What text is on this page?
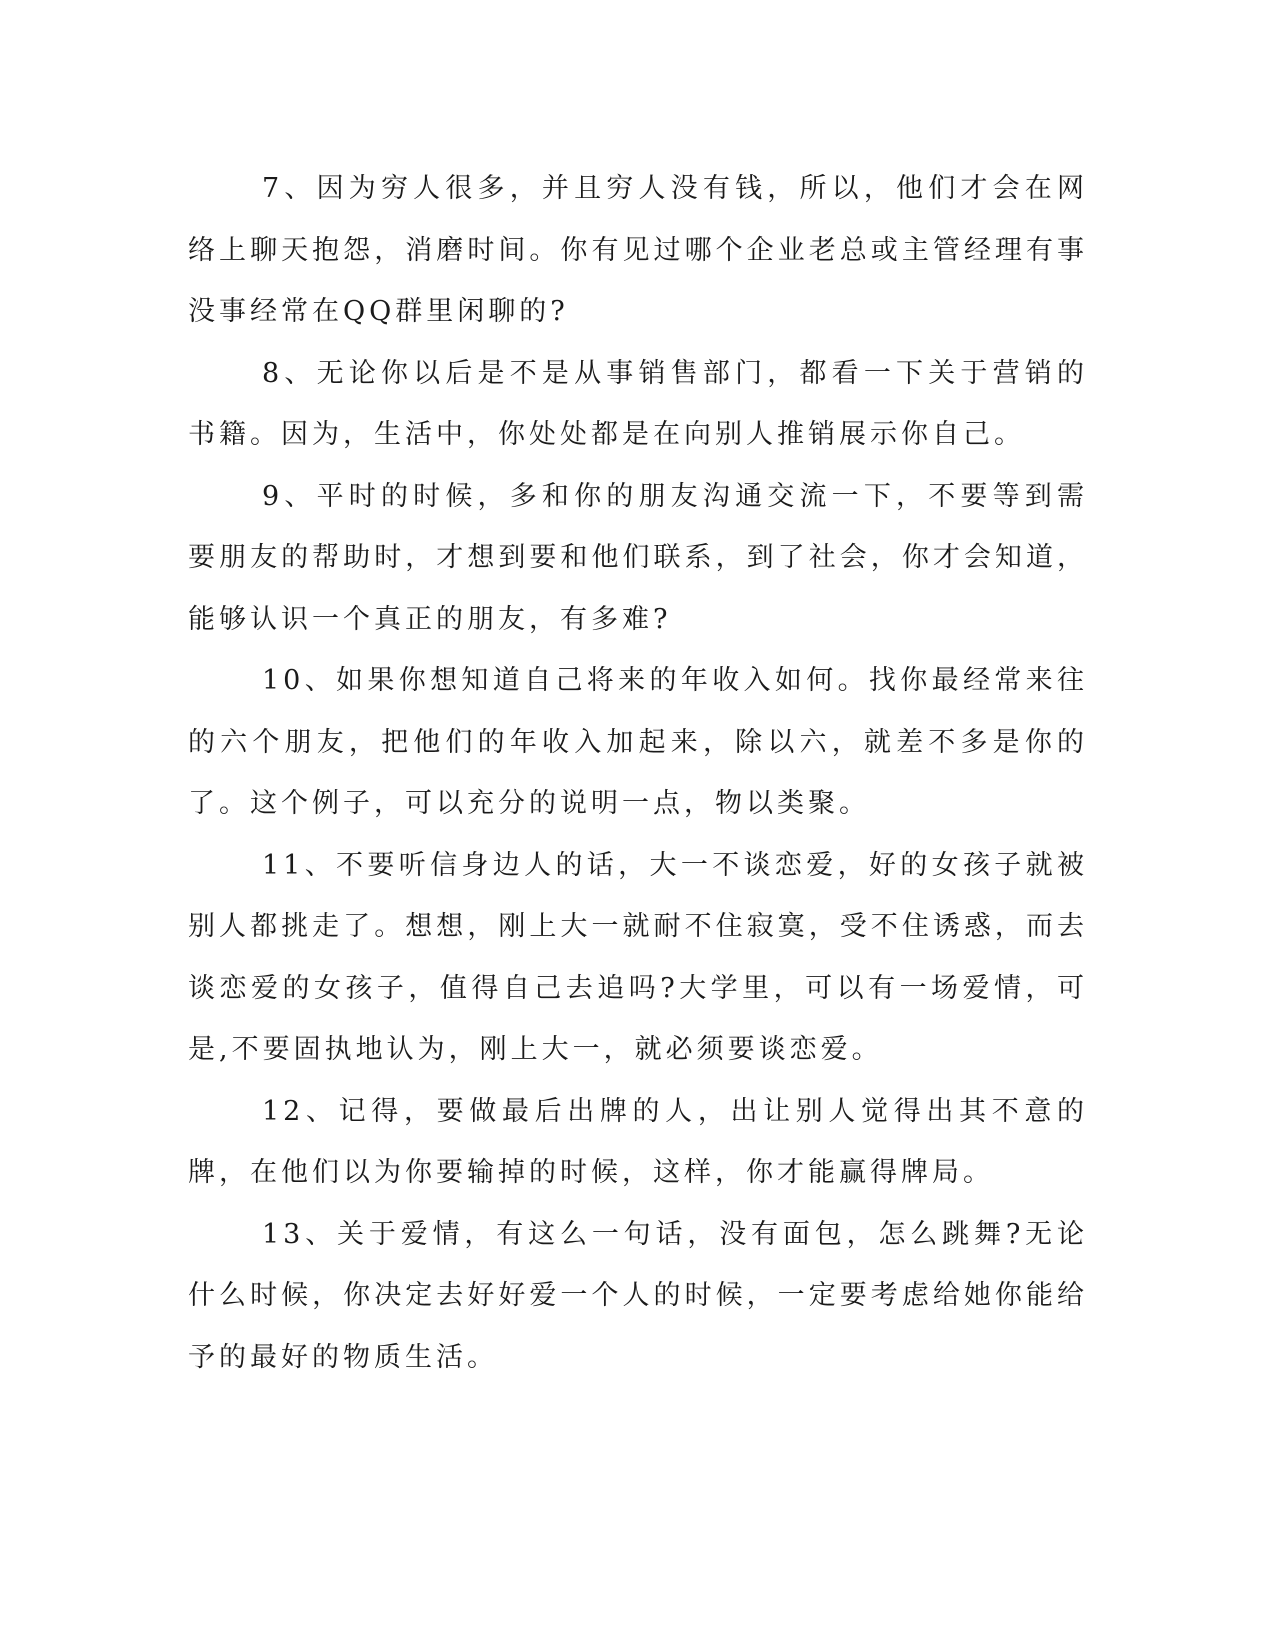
7、因为穷人很多，并且穷人没有钱，所以，他们才会在网络上聊天抱怨，消磨时间。你有见过哪个企业老总或主管经理有事没事经常在QQ群里闲聊的?

8、无论你以后是不是从事销售部门，都看一下关于营销的书籍。因为，生活中，你处处都是在向别人推销展示你自己。

9、平时的时候，多和你的朋友沟通交流一下，不要等到需要朋友的帮助时，才想到要和他们联系，到了社会，你才会知道，能够认识一个真正的朋友，有多难?

10、如果你想知道自己将来的年收入如何。找你最经常来往的六个朋友，把他们的年收入加起来，除以六，就差不多是你的了。这个例子，可以充分的说明一点，物以类聚。

11、不要听信身边人的话，大一不谈恋爱，好的女孩子就被别人都挑走了。想想，刚上大一就耐不住寂寞，受不住诱惑，而去谈恋爱的女孩子，值得自己去追吗?大学里，可以有一场爱情，可是,不要固执地认为，刚上大一，就必须要谈恋爱。

12、记得，要做最后出牌的人，出让别人觉得出其不意的牌，在他们以为你要输掉的时候，这样，你才能赢得牌局。

13、关于爱情，有这么一句话，没有面包，怎么跳舞?无论什么时候，你决定去好好爱一个人的时候，一定要考虑给她你能给予的最好的物质生活。
